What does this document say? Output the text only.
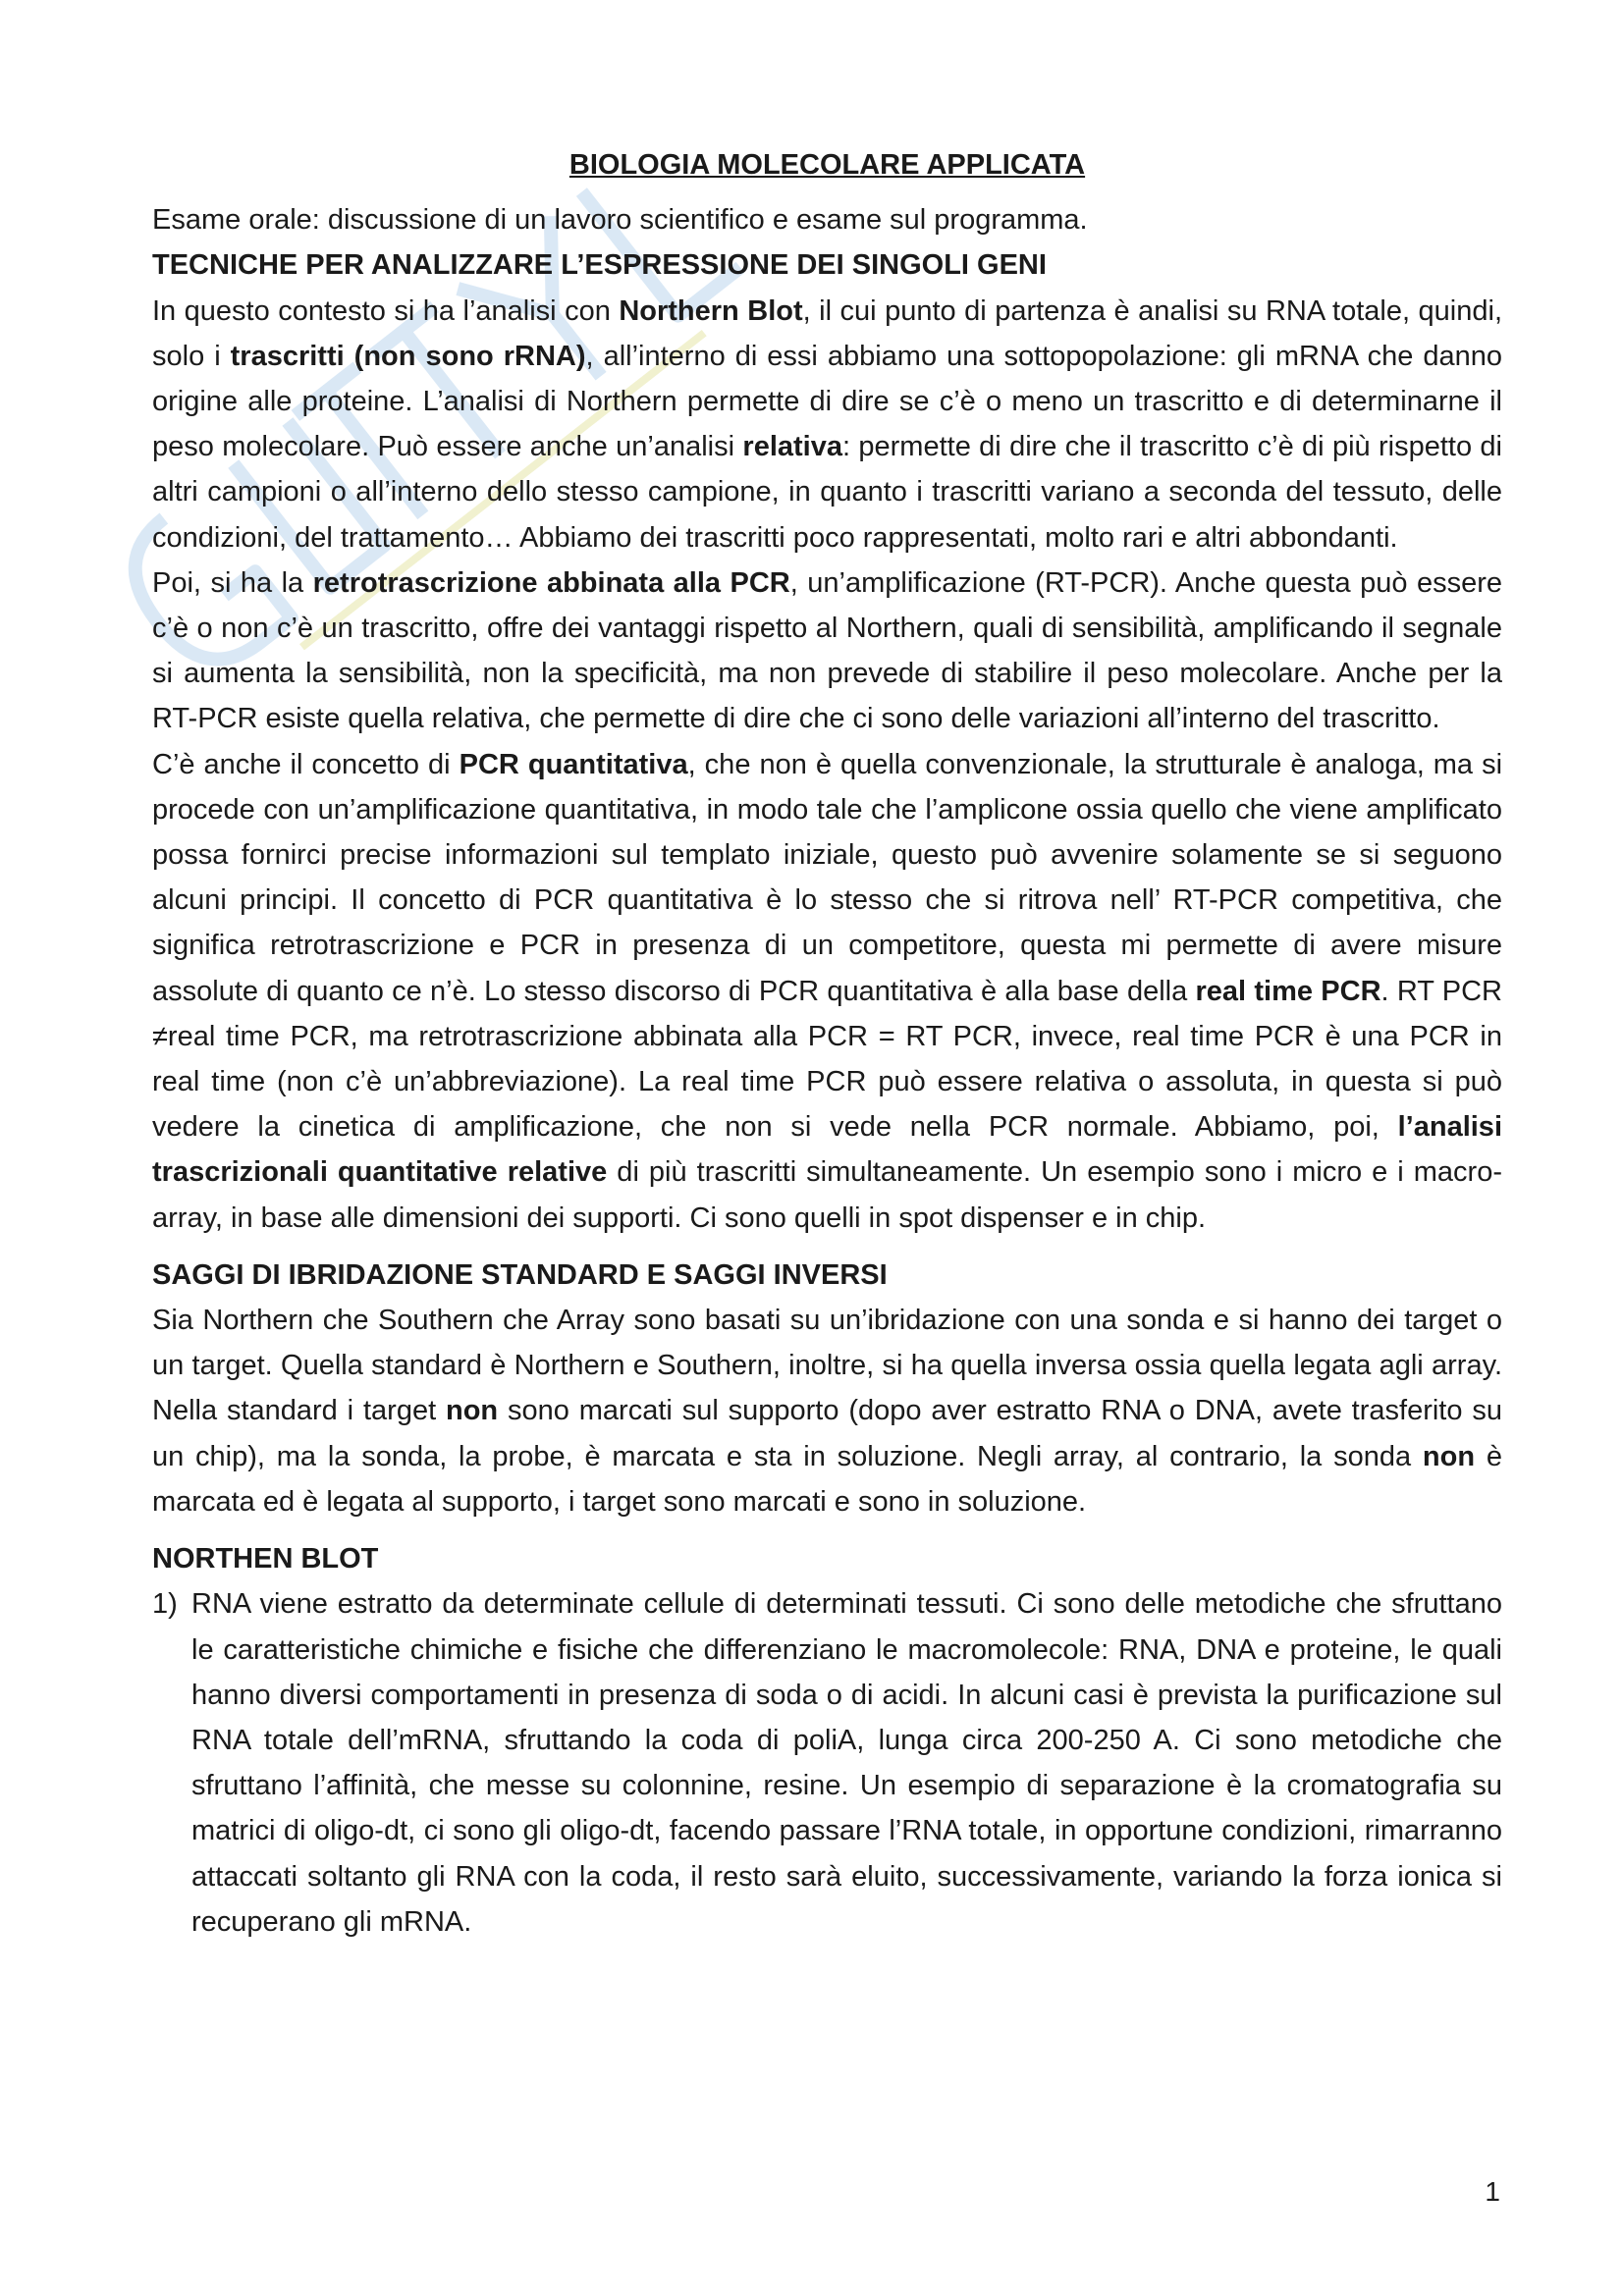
BIOLOGIA MOLECOLARE APPLICATA

Esame orale: discussione di un lavoro scientifico e esame sul programma.

TECNICHE PER ANALIZZARE L’ESPRESSIONE DEI SINGOLI GENI

In questo contesto si ha l’analisi con Northern Blot, il cui punto di partenza è analisi su RNA totale, quindi, solo i trascritti (non sono rRNA), all’interno di essi abbiamo una sottopopolazione: gli mRNA che danno origine alle proteine. L’analisi di Northern permette di dire se c’è o meno un trascritto e di determinarne il peso molecolare. Può essere anche un’analisi relativa: permette di dire che il trascritto c’è di più rispetto di altri campioni o all’interno dello stesso campione, in quanto i trascritti variano a seconda del tessuto, delle condizioni, del trattamento… Abbiamo dei trascritti poco rappresentati, molto rari e altri abbondanti.

Poi, si ha la retrotrascrizione abbinata alla PCR, un’amplificazione (RT-PCR). Anche questa può essere c’è o non c’è un trascritto, offre dei vantaggi rispetto al Northern, quali di sensibilità, amplificando il segnale si aumenta la sensibilità, non la specificità, ma non prevede di stabilire il peso molecolare. Anche per la RT-PCR esiste quella relativa, che permette di dire che ci sono delle variazioni all’interno del trascritto.

C’è anche il concetto di PCR quantitativa, che non è quella convenzionale, la strutturale è analoga, ma si procede con un’amplificazione quantitativa, in modo tale che l’amplicone ossia quello che viene amplificato possa fornirci precise informazioni sul templato iniziale, questo può avvenire solamente se si seguono alcuni principi. Il concetto di PCR quantitativa è lo stesso che si ritrova nell’ RT-PCR competitiva, che significa retrotrascrizione e PCR in presenza di un competitore, questa mi permette di avere misure assolute di quanto ce n’è. Lo stesso discorso di PCR quantitativa è alla base della real time PCR. RT PCR ≠real time PCR, ma retrotrascrizione abbinata alla PCR = RT PCR, invece, real time PCR è una PCR in real time (non c’è un’abbreviazione). La real time PCR può essere relativa o assoluta, in questa si può vedere la cinetica di amplificazione, che non si vede nella PCR normale. Abbiamo, poi, l’analisi trascrizionali quantitative relative di più trascritti simultaneamente. Un esempio sono i micro e i macro-array, in base alle dimensioni dei supporti. Ci sono quelli in spot dispenser e in chip.

SAGGI DI IBRIDAZIONE STANDARD E SAGGI INVERSI

Sia Northern che Southern che Array sono basati su un’ibridazione con una sonda e si hanno dei target o un target. Quella standard è Northern e Southern, inoltre, si ha quella inversa ossia quella legata agli array. Nella standard i target non sono marcati sul supporto (dopo aver estratto RNA o DNA, avete trasferito su un chip), ma la sonda, la probe, è marcata e sta in soluzione. Negli array, al contrario, la sonda non è marcata ed è legata al supporto, i target sono marcati e sono in soluzione.

NORTHEN BLOT
1) RNA viene estratto da determinate cellule di determinati tessuti. Ci sono delle metodiche che sfruttano le caratteristiche chimiche e fisiche che differenziano le macromolecole: RNA, DNA e proteine, le quali hanno diversi comportamenti in presenza di soda o di acidi. In alcuni casi è prevista la purificazione sul RNA totale dell’mRNA, sfruttando la coda di poliA, lunga circa 200-250 A. Ci sono metodiche che sfruttano l’affinità, che messe su colonnine, resine. Un esempio di separazione è la cromatografia su matrici di oligo-dt, ci sono gli oligo-dt, facendo passare l’RNA totale, in opportune condizioni, rimarranno attaccati soltanto gli RNA con la coda, il resto sarà eluito, successivamente, variando la forza ionica si recuperano gli mRNA.
1
